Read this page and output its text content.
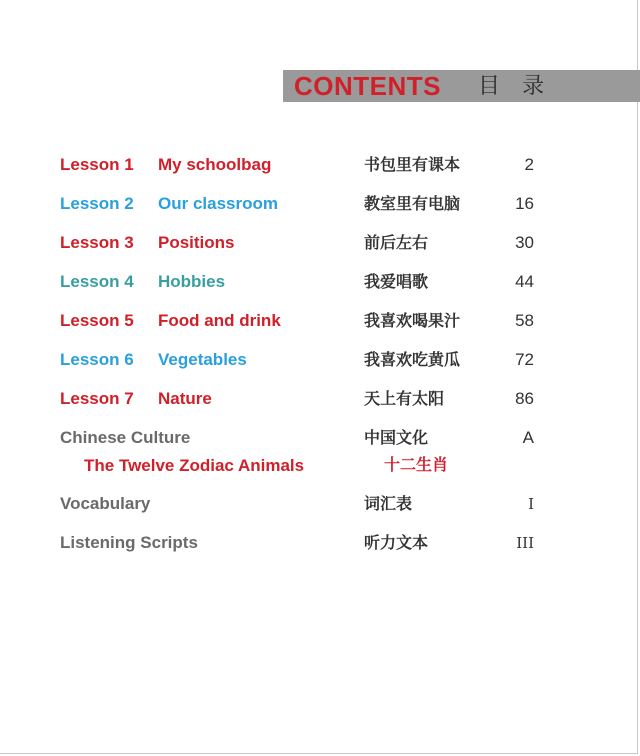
CONTENTS 目 录
Lesson 1 My schoolbag	书包里有课本	2
Lesson 2 Our classroom	教室里有电脑	16
Lesson 3 Positions	前后左右	30
Lesson 4 Hobbies	我爱唱歌	44
Lesson 5 Food and drink	我喜欢喝果汁	58
Lesson 6 Vegetables	我喜欢吃黄瓜	72
Lesson 7 Nature	天上有太阳	86
Chinese Culture	中国文化	A
The Twelve Zodiac Animals	十二生肖
Vocabulary	词汇表	I
Listening Scripts	听力文本	III
